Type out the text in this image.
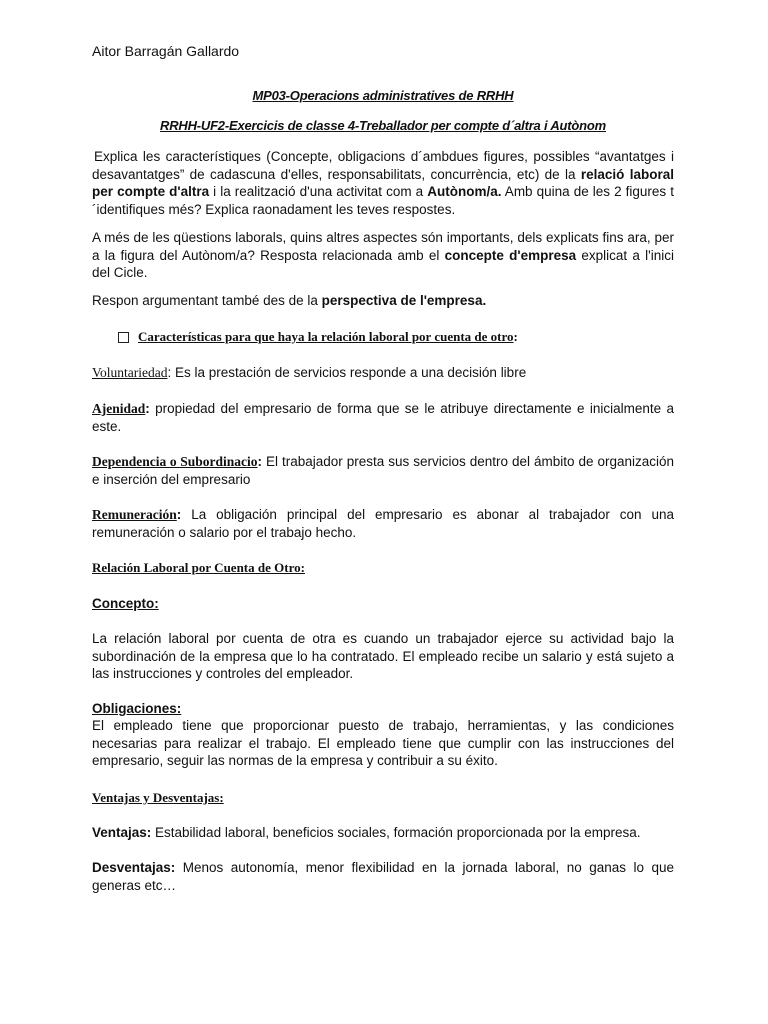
Aitor Barragán Gallardo
MP03-Operacions administratives de RRHH
RRHH-UF2-Exercicis de classe 4-Treballador per compte d´altra i Autònom
Explica les característiques (Concepte, obligacions d´ambdues figures, possibles “avantatges i desavantatges” de cadascuna d'elles, responsabilitats, concurrència, etc) de la relació laboral per compte d'altra i la realització d'una activitat com a Autònom/a. Amb quina de les 2 figures t´identifiques més? Explica raonadament les teves respostes.
A més de les qüestions laborals, quins altres aspectes són importants, dels explicats fins ara, per a la figura del Autònom/a? Resposta relacionada amb el concepte d'empresa explicat a l'inici del Cicle.
Respon argumentant també des de la perspectiva de l'empresa.
Características para que haya la relación laboral por cuenta de otro :
Voluntariedad: Es la prestación de servicios responde a una decisión libre
Ajenidad: propiedad del empresario de forma que se le atribuye directamente e inicialmente a este.
Dependencia o Subordinacio: El trabajador presta sus servicios dentro del ámbito de organización e inserción del empresario
Remuneración: La obligación principal del empresario es abonar al trabajador con una remuneración o salario por el trabajo hecho.
Relación Laboral por Cuenta de Otro:
Concepto:
La relación laboral por cuenta de otra es cuando un trabajador ejerce su actividad bajo la subordinación de la empresa que lo ha contratado. El empleado recibe un salario y está sujeto a las instrucciones y controles del empleador.
Obligaciones:
El empleado tiene que proporcionar puesto de trabajo, herramientas, y las condiciones necesarias para realizar el trabajo. El empleado tiene que cumplir con las instrucciones del empresario, seguir las normas de la empresa y contribuir a su éxito.
Ventajas y Desventajas:
Ventajas: Estabilidad laboral, beneficios sociales, formación proporcionada por la empresa.
Desventajas: Menos autonomía, menor flexibilidad en la jornada laboral, no ganas lo que generas etc…
